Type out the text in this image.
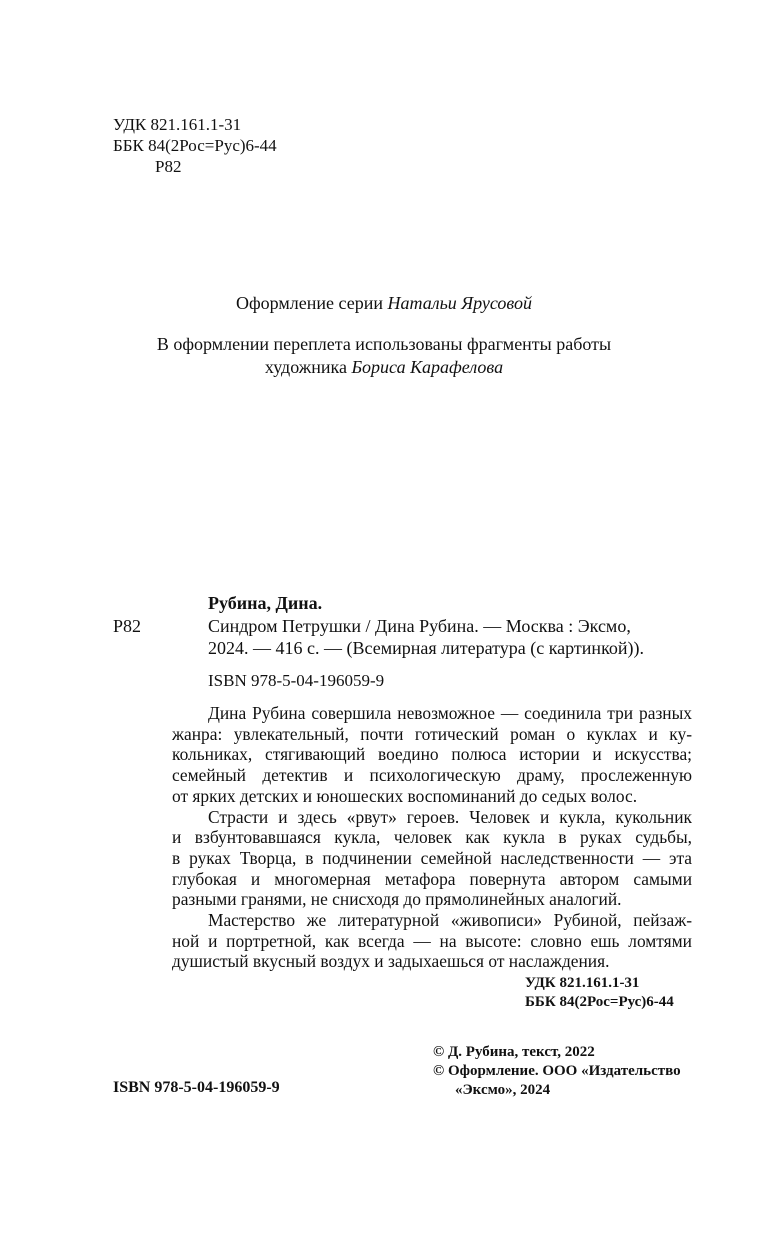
УДК 821.161.1-31
ББК 84(2Рос=Рус)6-44
Р82
Оформление серии Натальи Ярусовой
В оформлении переплета использованы фрагменты работы
художника Бориса Карафелова
Рубина, Дина.
Р82	Синдром Петрушки / Дина Рубина. — Москва : Эксмо,
2024. — 416 с. — (Всемирная литература (с картинкой)).
ISBN 978-5-04-196059-9
Дина Рубина совершила невозможное — соединила три разных
жанра: увлекательный, почти готический роман о куклах и ку-
кольниках, стягивающий воедино полюса истории и искусства;
семейный детектив и психологическую драму, прослеженную
от ярких детских и юношеских воспоминаний до седых волос.
Страсти и здесь «рвут» героев. Человек и кукла, кукольник
и взбунтовавшаяся кукла, человек как кукла в руках судьбы,
в руках Творца, в подчинении семейной наследственности — эта
глубокая и многомерная метафора повернута автором самыми
разными гранями, не снисходя до прямолинейных аналогий.
Мастерство же литературной «живописи» Рубиной, пейзаж-
ной и портретной, как всегда — на высоте: словно ешь ломтями
душистый вкусный воздух и задыхаешься от наслаждения.
УДК 821.161.1-31
ББК 84(2Рос=Рус)6-44
© Д. Рубина, текст, 2022
© Оформление. ООО «Издательство
«Эксмо», 2024
ISBN 978-5-04-196059-9
